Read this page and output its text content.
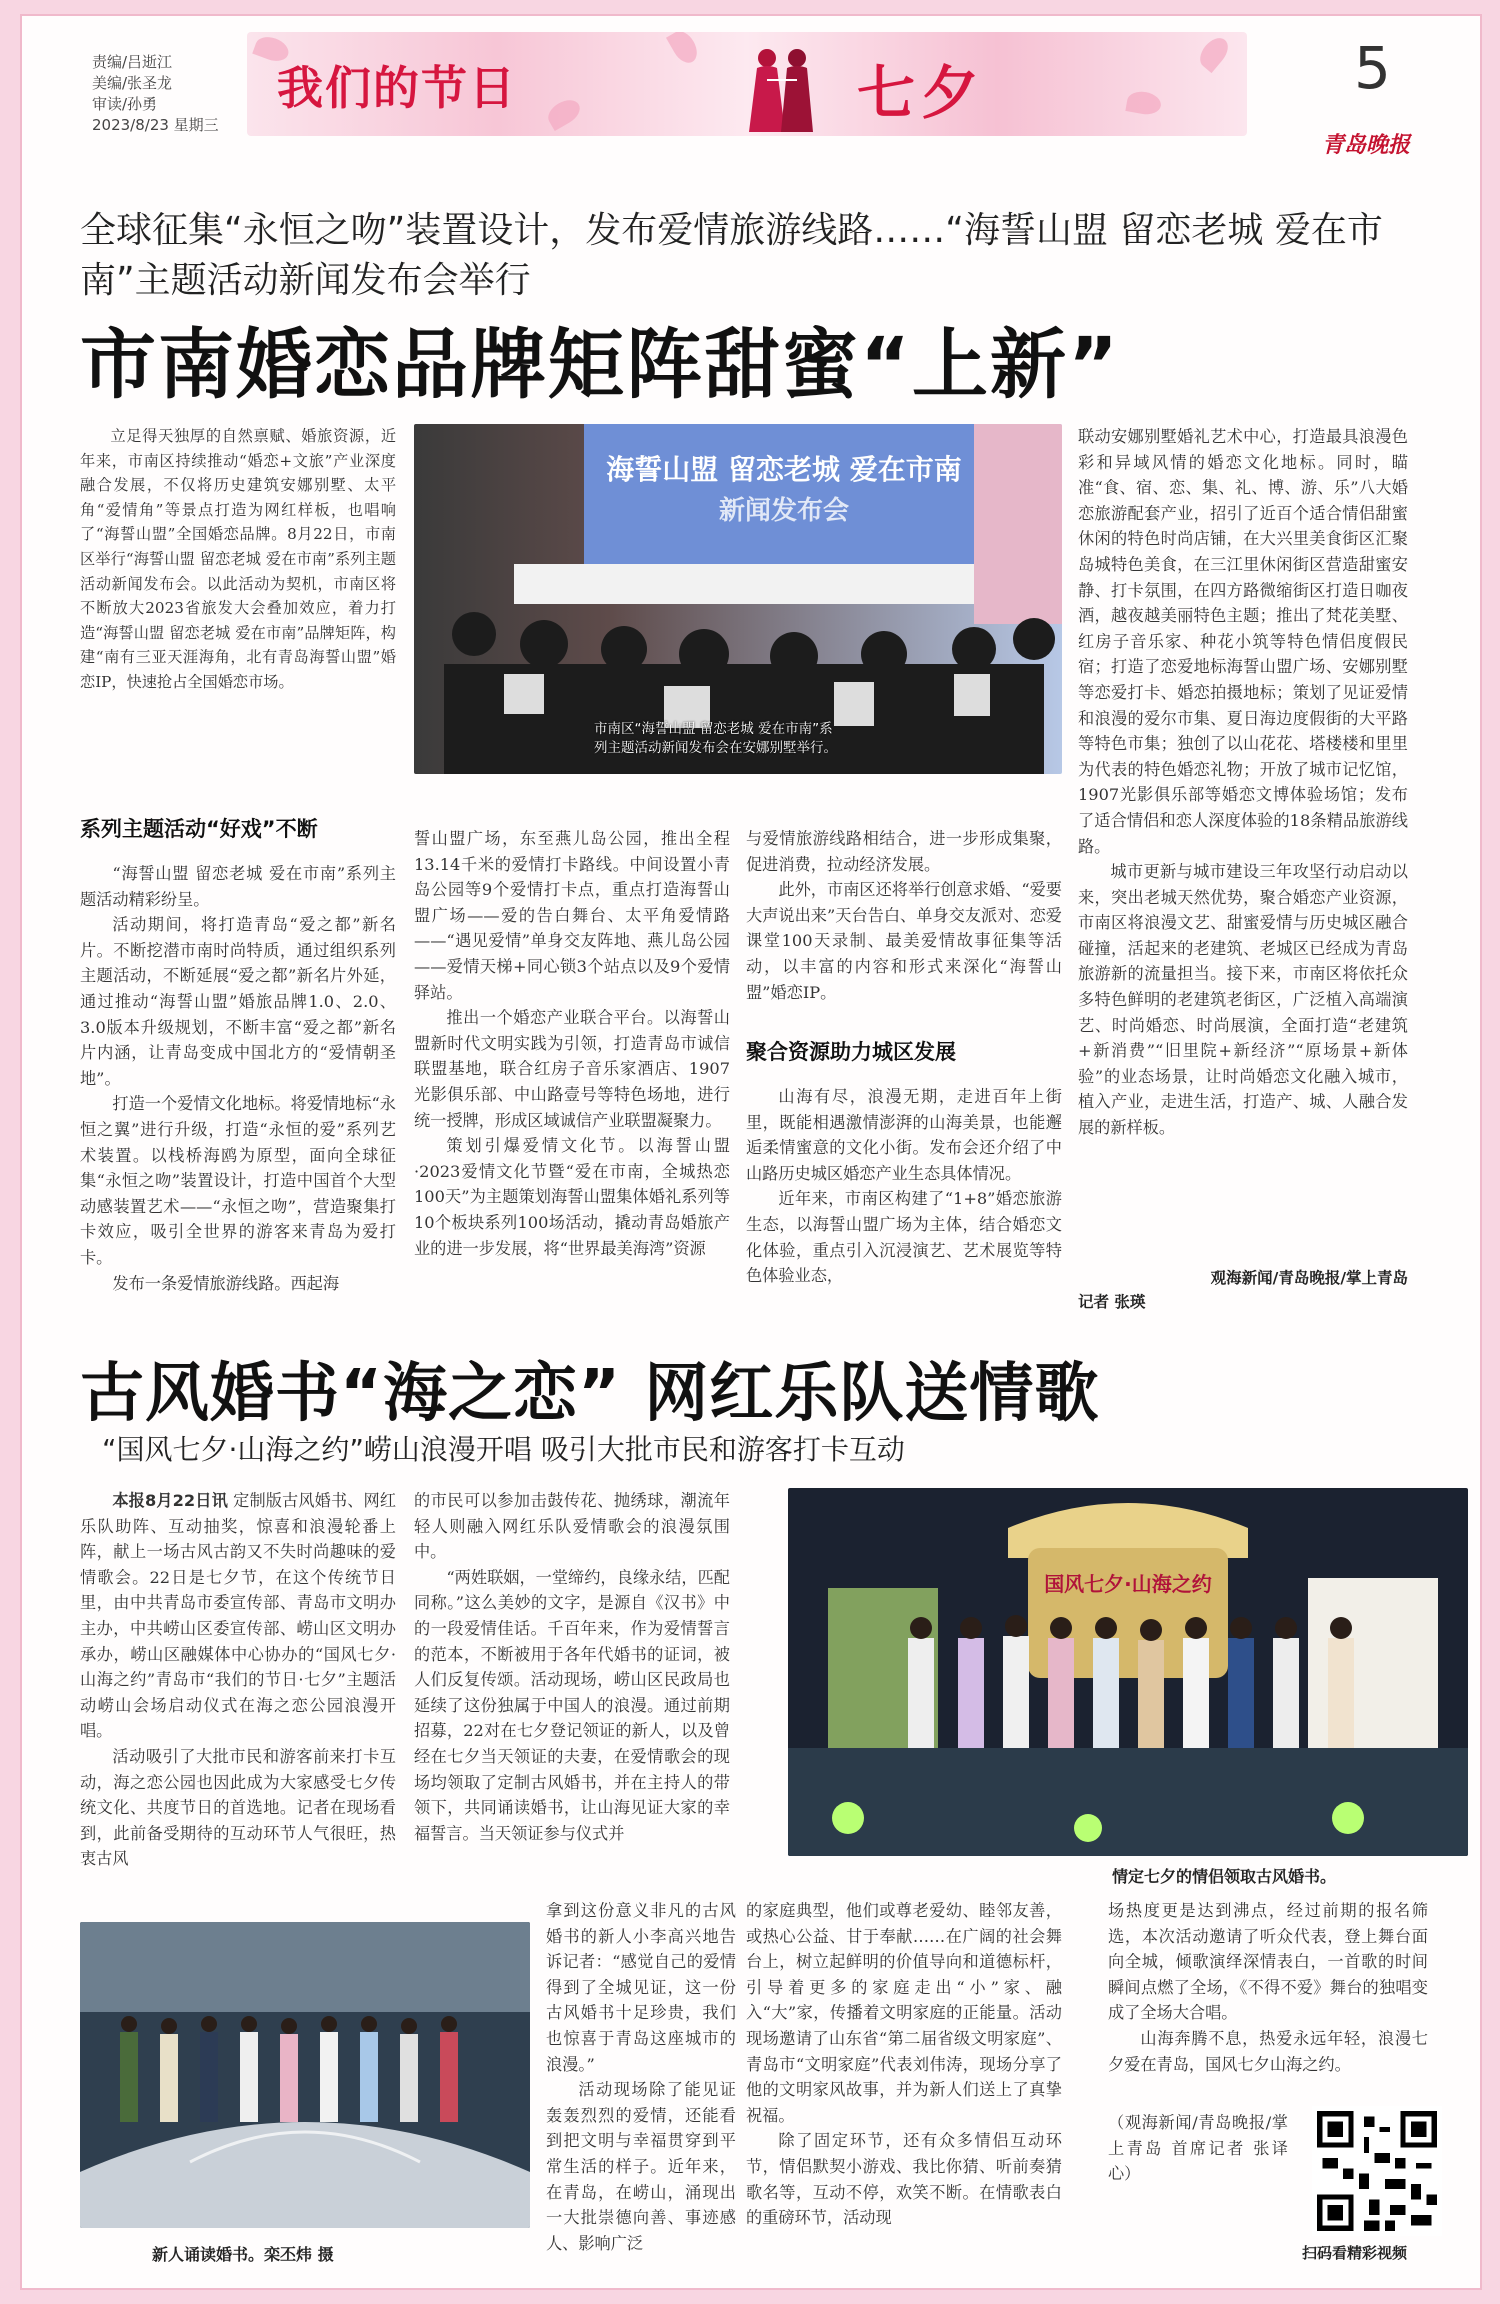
责编/吕逝江
美编/张圣龙
审读/孙勇
2023/8/23 星期三
我们的节日	七夕	5
青岛晚报
全球征集“永恒之吻”装置设计，发布爱情旅游线路……“海誓山盟 留恋老城 爱在市南”主题活动新闻发布会举行
市南婚恋品牌矩阵甜蜜“上新”

立足得天独厚的自然禀赋、婚旅资源，近年来，市南区持续推动“婚恋+文旅”产业深度融合发展，不仅将历史建筑安娜别墅、太平角“爱情角”等景点打造为网红样板，也唱响了“海誓山盟”全国婚恋品牌。8月22日，市南区举行“海誓山盟 留恋老城 爱在市南”系列主题活动新闻发布会。以此活动为契机，市南区将不断放大2023省旅发大会叠加效应，着力打造“海誓山盟 留恋老城 爱在市南”品牌矩阵，构建“南有三亚天涯海角，北有青岛海誓山盟”婚恋IP，快速抢占全国婚恋市场。

海誓山盟 留恋老城 爱在市南
新闻发布会
市南区“海誓山盟 留恋老城 爱在市南”系列主题活动新闻发布会在安娜别墅举行。
系列主题活动“好戏”不断

“海誓山盟 留恋老城 爱在市南”系列主题活动精彩纷呈。

活动期间，将打造青岛“爱之都”新名片。不断挖潜市南时尚特质，通过组织系列主题活动，不断延展“爱之都”新名片外延，通过推动“海誓山盟”婚旅品牌1.0、2.0、3.0版本升级规划，不断丰富“爱之都”新名片内涵，让青岛变成中国北方的“爱情朝圣地”。

打造一个爱情文化地标。将爱情地标“永恒之翼”进行升级，打造“永恒的爱”系列艺术装置。以栈桥海鸥为原型，面向全球征集“永恒之吻”装置设计，打造中国首个大型动感装置艺术——“永恒之吻”，营造聚集打卡效应，吸引全世界的游客来青岛为爱打卡。

发布一条爱情旅游线路。西起海

誓山盟广场，东至燕儿岛公园，推出全程13.14千米的爱情打卡路线。中间设置小青岛公园等9个爱情打卡点，重点打造海誓山盟广场——爱的告白舞台、太平角爱情路——“遇见爱情”单身交友阵地、燕儿岛公园——爱情天梯+同心锁3个站点以及9个爱情驿站。

推出一个婚恋产业联合平台。以海誓山盟新时代文明实践为引领，打造青岛市诚信联盟基地，联合红房子音乐家酒店、1907光影俱乐部、中山路壹号等特色场地，进行统一授牌，形成区域诚信产业联盟凝聚力。

策划引爆爱情文化节。以海誓山盟·2023爱情文化节暨“爱在市南，全城热恋100天”为主题策划海誓山盟集体婚礼系列等10个板块系列100场活动，撬动青岛婚旅产业的进一步发展，将“世界最美海湾”资源

与爱情旅游线路相结合，进一步形成集聚，促进消费，拉动经济发展。

此外，市南区还将举行创意求婚、“爱要大声说出来”天台告白、单身交友派对、恋爱课堂100天录制、最美爱情故事征集等活动，以丰富的内容和形式来深化“海誓山盟”婚恋IP。

聚合资源助力城区发展

山海有尽，浪漫无期，走进百年上街里，既能相遇激情澎湃的山海美景，也能邂逅柔情蜜意的文化小街。发布会还介绍了中山路历史城区婚恋产业生态具体情况。

近年来，市南区构建了“1+8”婚恋旅游生态，以海誓山盟广场为主体，结合婚恋文化体验，重点引入沉浸演艺、艺术展览等特色体验业态，

联动安娜别墅婚礼艺术中心，打造最具浪漫色彩和异域风情的婚恋文化地标。同时，瞄准“食、宿、恋、集、礼、博、游、乐”八大婚恋旅游配套产业，招引了近百个适合情侣甜蜜休闲的特色时尚店铺，在大兴里美食街区汇聚岛城特色美食，在三江里休闲街区营造甜蜜安静、打卡氛围，在四方路微缩街区打造日咖夜酒，越夜越美丽特色主题；推出了梵花美墅、红房子音乐家、种花小筑等特色情侣度假民宿；打造了恋爱地标海誓山盟广场、安娜别墅等恋爱打卡、婚恋拍摄地标；策划了见证爱情和浪漫的爱尔市集、夏日海边度假街的大平路等特色市集；独创了以山花花、塔楼楼和里里为代表的特色婚恋礼物；开放了城市记忆馆，1907光影俱乐部等婚恋文博体验场馆；发布了适合情侣和恋人深度体验的18条精品旅游线路。

城市更新与城市建设三年攻坚行动启动以来，突出老城天然优势，聚合婚恋产业资源，市南区将浪漫文艺、甜蜜爱情与历史城区融合碰撞，活起来的老建筑、老城区已经成为青岛旅游新的流量担当。接下来，市南区将依托众多特色鲜明的老建筑老街区，广泛植入高端演艺、时尚婚恋、时尚展演，全面打造“老建筑+新消费”“旧里院+新经济”“原场景+新体验”的业态场景，让时尚婚恋文化融入城市，植入产业，走进生活，打造产、城、人融合发展的新样板。

观海新闻/青岛晚报/掌上青岛
记者 张瑛
古风婚书“海之恋” 网红乐队送情歌
“国风七夕·山海之约”崂山浪漫开唱 吸引大批市民和游客打卡互动

本报8月22日讯 定制版古风婚书、网红乐队助阵、互动抽奖，惊喜和浪漫轮番上阵，献上一场古风古韵又不失时尚趣味的爱情歌会。22日是七夕节，在这个传统节日里，由中共青岛市委宣传部、青岛市文明办主办，中共崂山区委宣传部、崂山区文明办承办，崂山区融媒体中心协办的“国风七夕·山海之约”青岛市“我们的节日·七夕”主题活动崂山会场启动仪式在海之恋公园浪漫开唱。

活动吸引了大批市民和游客前来打卡互动，海之恋公园也因此成为大家感受七夕传统文化、共度节日的首选地。记者在现场看到，此前备受期待的互动环节人气很旺，热衷古风

的市民可以参加击鼓传花、抛绣球，潮流年轻人则融入网红乐队爱情歌会的浪漫氛围中。

“两姓联姻，一堂缔约，良缘永结，匹配同称。”这么美妙的文字，是源自《汉书》中的一段爱情佳话。千百年来，作为爱情誓言的范本，不断被用于各年代婚书的证词，被人们反复传颂。活动现场，崂山区民政局也延续了这份独属于中国人的浪漫。通过前期招募，22对在七夕登记领证的新人，以及曾经在七夕当天领证的夫妻，在爱情歌会的现场均领取了定制古风婚书，并在主持人的带领下，共同诵读婚书，让山海见证大家的幸福誓言。当天领证参与仪式并

国风七夕·山海之约
情定七夕的情侣领取古风婚书。

拿到这份意义非凡的古风婚书的新人小李高兴地告诉记者：“感觉自己的爱情得到了全城见证，这一份古风婚书十足珍贵，我们也惊喜于青岛这座城市的浪漫。”

活动现场除了能见证轰轰烈烈的爱情，还能看到把文明与幸福贯穿到平常生活的样子。近年来，在青岛，在崂山，涌现出一大批崇德向善、事迹感人、影响广泛

新人诵读婚书。栾丕炜 摄

的家庭典型，他们或尊老爱幼、睦邻友善，或热心公益、甘于奉献……在广阔的社会舞台上，树立起鲜明的价值导向和道德标杆，引导着更多的家庭走出“小”家、融入“大”家，传播着文明家庭的正能量。活动现场邀请了山东省“第二届省级文明家庭”、青岛市“文明家庭”代表刘伟涛，现场分享了他的文明家风故事，并为新人们送上了真挚祝福。

除了固定环节，还有众多情侣互动环节，情侣默契小游戏、我比你猜、听前奏猜歌名等，互动不停，欢笑不断。在情歌表白的重磅环节，活动现

场热度更是达到沸点，经过前期的报名筛选，本次活动邀请了听众代表，登上舞台面向全城，倾歌演绎深情表白，一首歌的时间瞬间点燃了全场，《不得不爱》舞台的独唱变成了全场大合唱。

山海奔腾不息，热爱永远年轻，浪漫七夕爱在青岛，国风七夕山海之约。

（观海新闻/青岛晚报/掌上青岛 首席记者 张译心）
扫码看精彩视频
